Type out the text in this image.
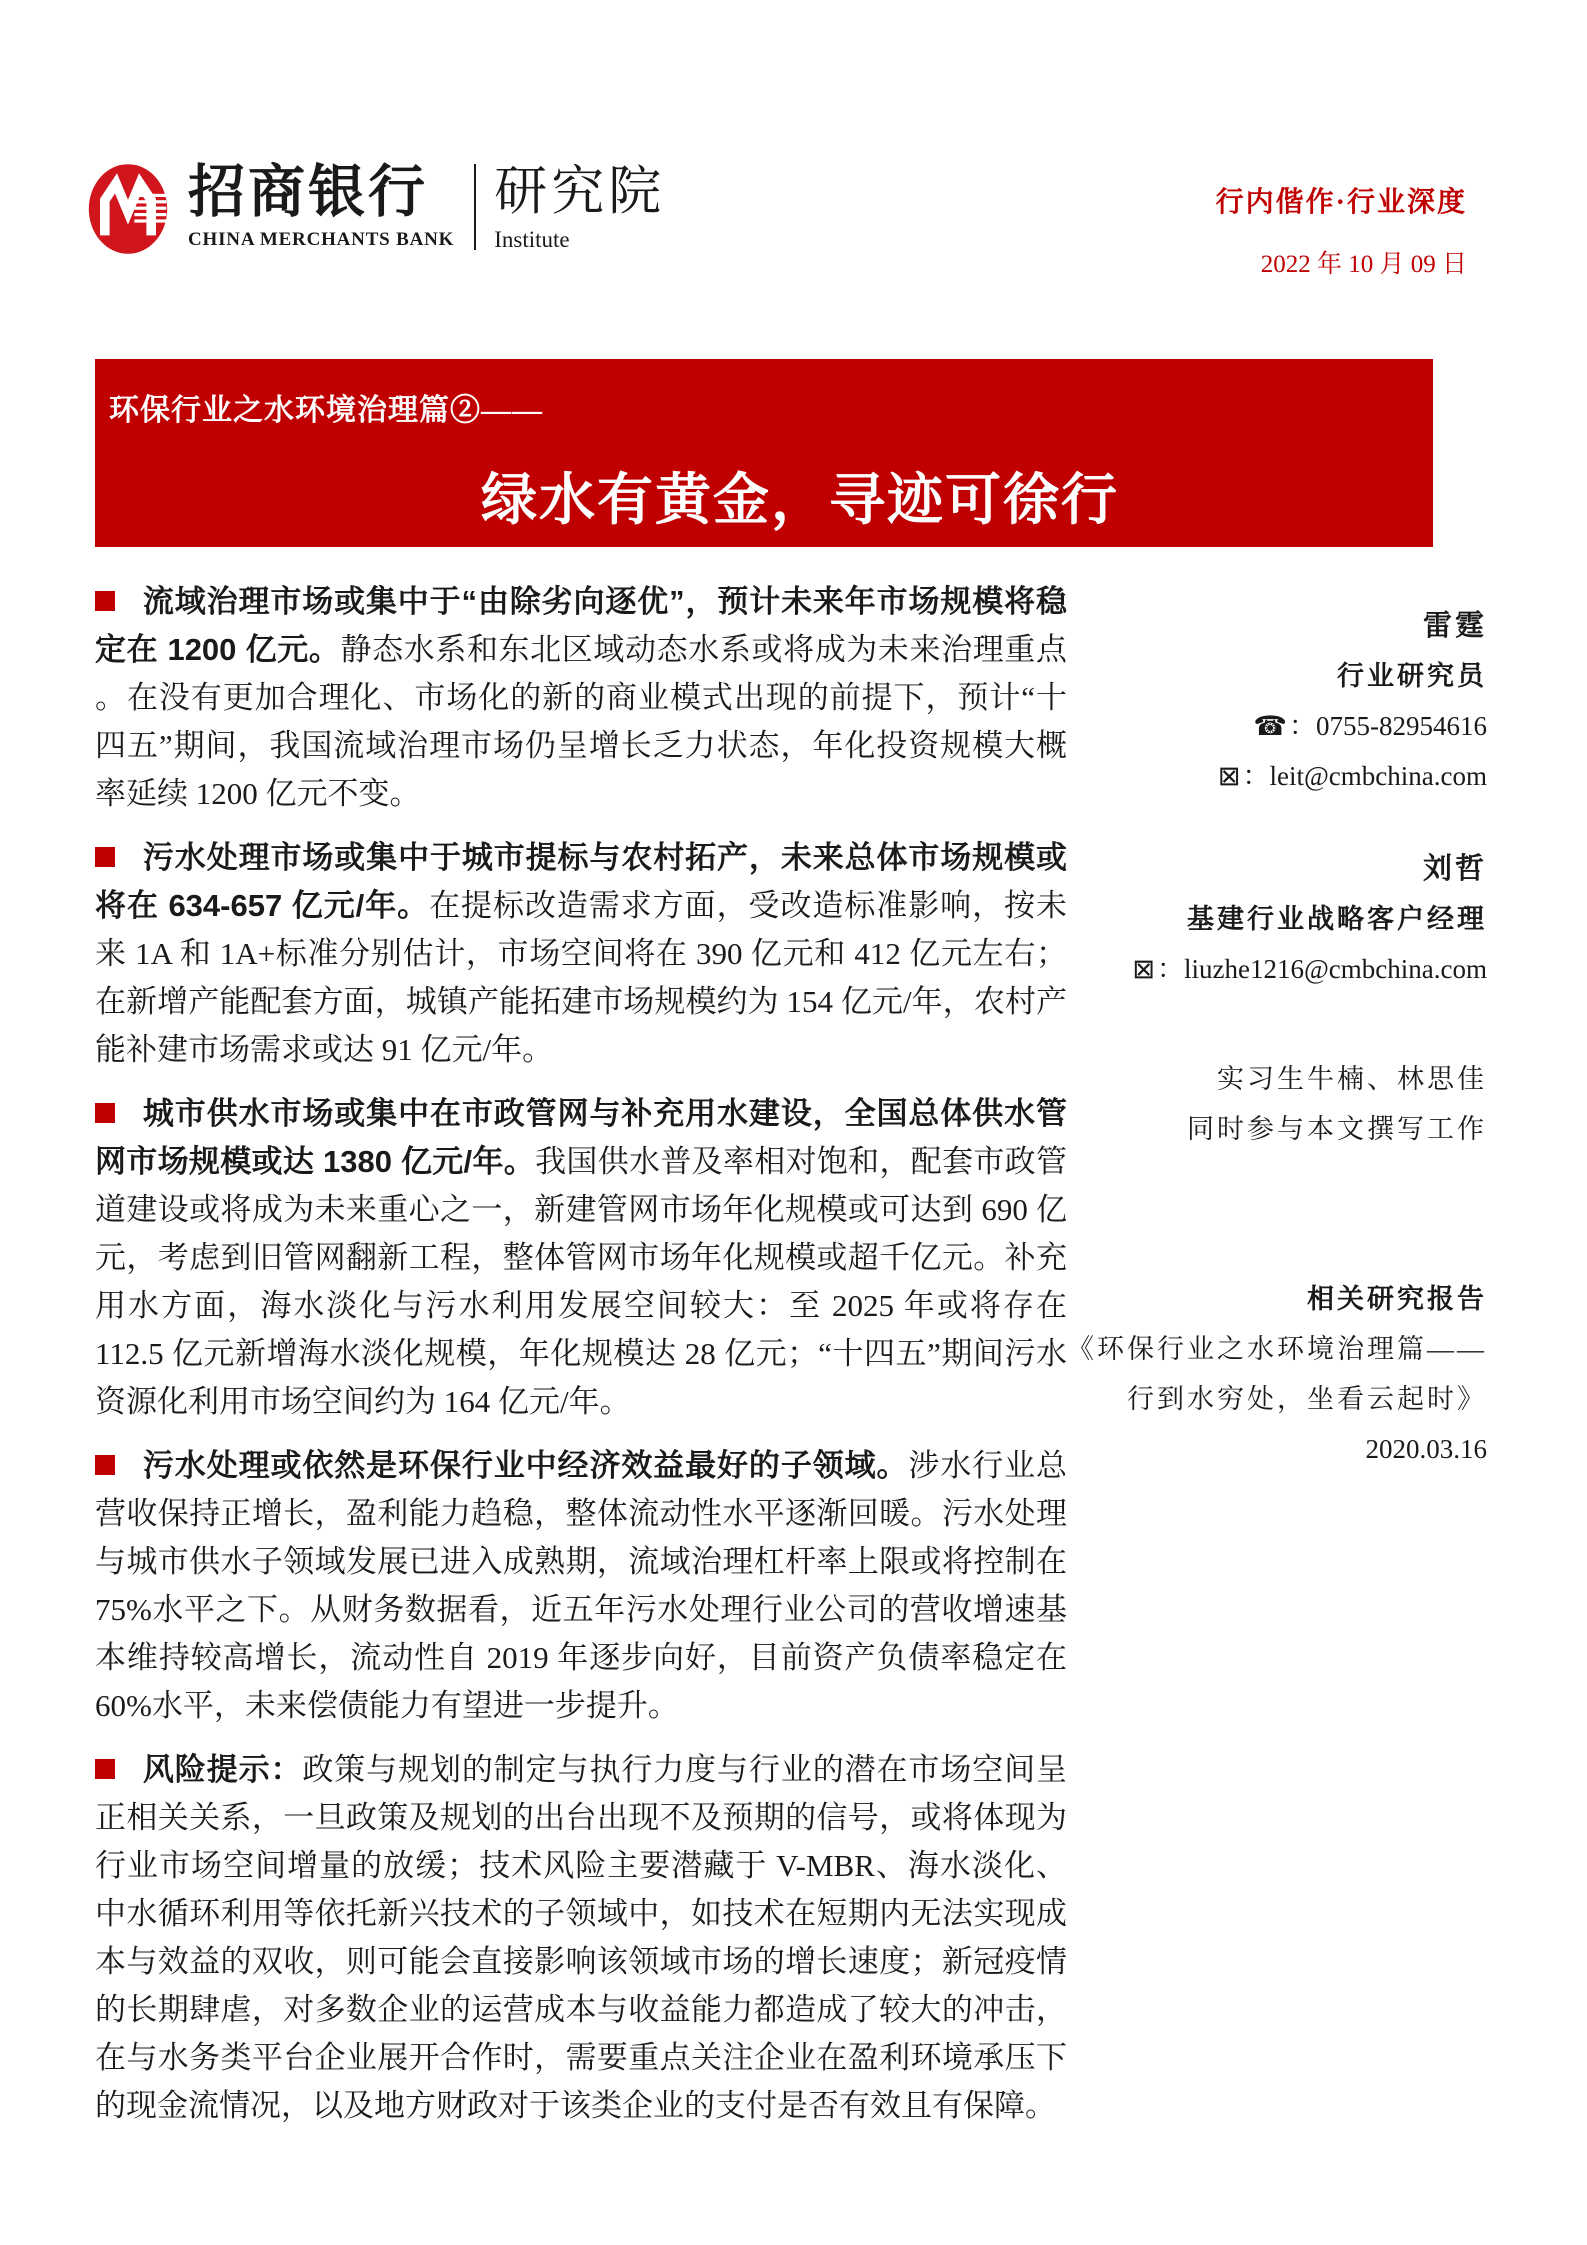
招商银行
CHINA MERCHANTS BANK
研究院
Institute
行内偕作·行业深度
2022 年 10 月 09 日
环保行业之水环境治理篇②——
绿水有黄金，寻迹可徐行

流域治理市场或集中于“由除劣向逐优”，预计未来年市场规模将稳定在 1200 亿元。静态水系和东北区域动态水系或将成为未来治理重点 。在没有更加合理化、市场化的新的商业模式出现的前提下，预计“十四五”期间，我国流域治理市场仍呈增长乏力状态，年化投资规模大概率延续 1200 亿元不变。

污水处理市场或集中于城市提标与农村拓产，未来总体市场规模或将在 634-657 亿元/年。在提标改造需求方面，受改造标准影响，按未来 1A 和 1A+标准分别估计，市场空间将在 390 亿元和 412 亿元左右；在新增产能配套方面，城镇产能拓建市场规模约为 154 亿元/年，农村产能补建市场需求或达 91 亿元/年。

城市供水市场或集中在市政管网与补充用水建设，全国总体供水管网市场规模或达 1380 亿元/年。我国供水普及率相对饱和，配套市政管道建设或将成为未来重心之一，新建管网市场年化规模或可达到 690 亿元，考虑到旧管网翻新工程，整体管网市场年化规模或超千亿元。补充用水方面，海水淡化与污水利用发展空间较大：至 2025 年或将存在 112.5 亿元新增海水淡化规模，年化规模达 28 亿元；“十四五”期间污水资源化利用市场空间约为 164 亿元/年。

污水处理或依然是环保行业中经济效益最好的子领域。涉水行业总营收保持正增长，盈利能力趋稳，整体流动性水平逐渐回暖。污水处理与城市供水子领域发展已进入成熟期，流域治理杠杆率上限或将控制在 75%水平之下。从财务数据看，近五年污水处理行业公司的营收增速基本维持较高增长，流动性自 2019 年逐步向好，目前资产负债率稳定在 60%水平，未来偿债能力有望进一步提升。

风险提示：政策与规划的制定与执行力度与行业的潜在市场空间呈正相关关系，一旦政策及规划的出台出现不及预期的信号，或将体现为行业市场空间增量的放缓；技术风险主要潜藏于 V-MBR、海水淡化、中水循环利用等依托新兴技术的子领域中，如技术在短期内无法实现成本与效益的双收，则可能会直接影响该领域市场的增长速度；新冠疫情的长期肆虐，对多数企业的运营成本与收益能力都造成了较大的冲击，在与水务类平台企业展开合作时，需要重点关注企业在盈利环境承压下的现金流情况，以及地方财政对于该类企业的支付是否有效且有保障。

雷霆
行业研究员
☎：0755-82954616
⊠：leit@cmbchina.com
刘哲
基建行业战略客户经理
⊠：liuzhe1216@cmbchina.com
实习生牛楠、林思佳
同时参与本文撰写工作
相关研究报告
《环保行业之水环境治理篇——
行到水穷处，坐看云起时》
2020.03.16
